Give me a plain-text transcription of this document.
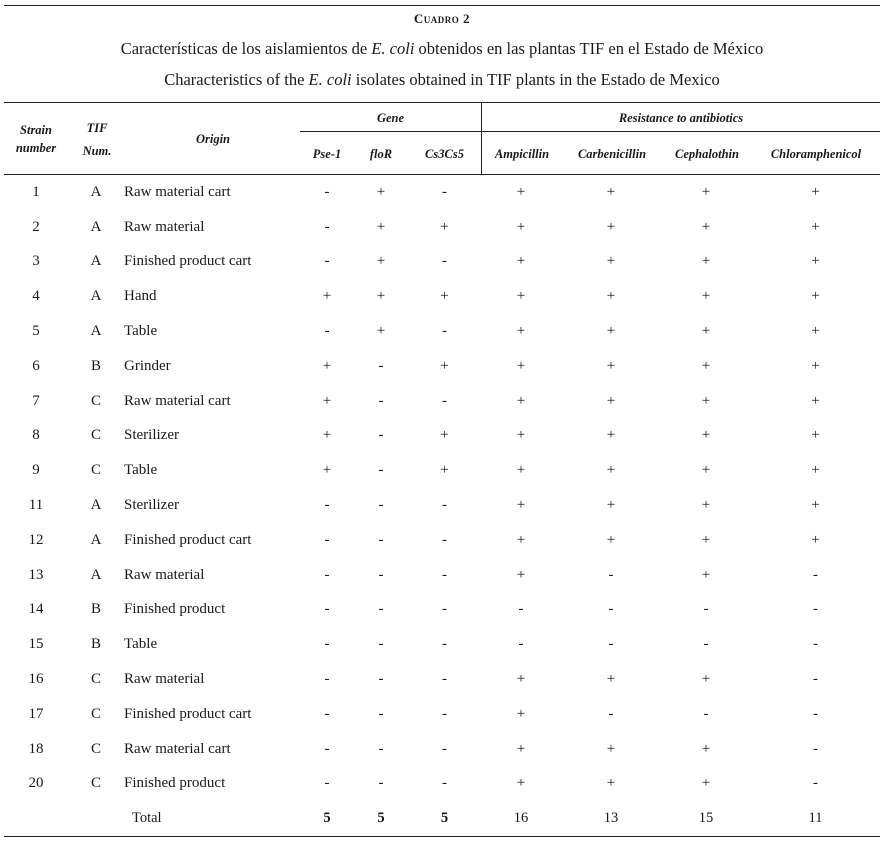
Cuadro 2
Características de los aislamientos de E. coli obtenidos en las plantas TIF en el Estado de México
Characteristics of the E. coli isolates obtained in TIF plants in the Estado de Mexico
Strain
number
TIF
Num.
Origin
Gene	Resistance to antibiotics
Pse-1	floR	Cs3Cs5	Ampicillin	Carbenicillin	Cephalothin	Chloramphenicol
1	A	Raw material cart	-	+	-	+	+	+	+
2	A	Raw material	-	+	+	+	+	+	+
3	A	Finished product cart	-	+	-	+	+	+	+
4	A	Hand	+	+	+	+	+	+	+
5	A	Table	-	+	-	+	+	+	+
6	B	Grinder	+	-	+	+	+	+	+
7	C	Raw material cart	+	-	-	+	+	+	+
8	C	Sterilizer	+	-	+	+	+	+	+
9	C	Table	+	-	+	+	+	+	+
11	A	Sterilizer	-	-	-	+	+	+	+
12	A	Finished product cart	-	-	-	+	+	+	+
13	A	Raw material	-	-	-	+	-	+	-
14	B	Finished product	-	-	-	-	-	-	-
15	B	Table	-	-	-	-	-	-	-
16	C	Raw material	-	-	-	+	+	+	-
17	C	Finished product cart	-	-	-	+	-	-	-
18	C	Raw material cart	-	-	-	+	+	+	-
20	C	Finished product	-	-	-	+	+	+	-
		Total	5	5	5	16	13	15	11
